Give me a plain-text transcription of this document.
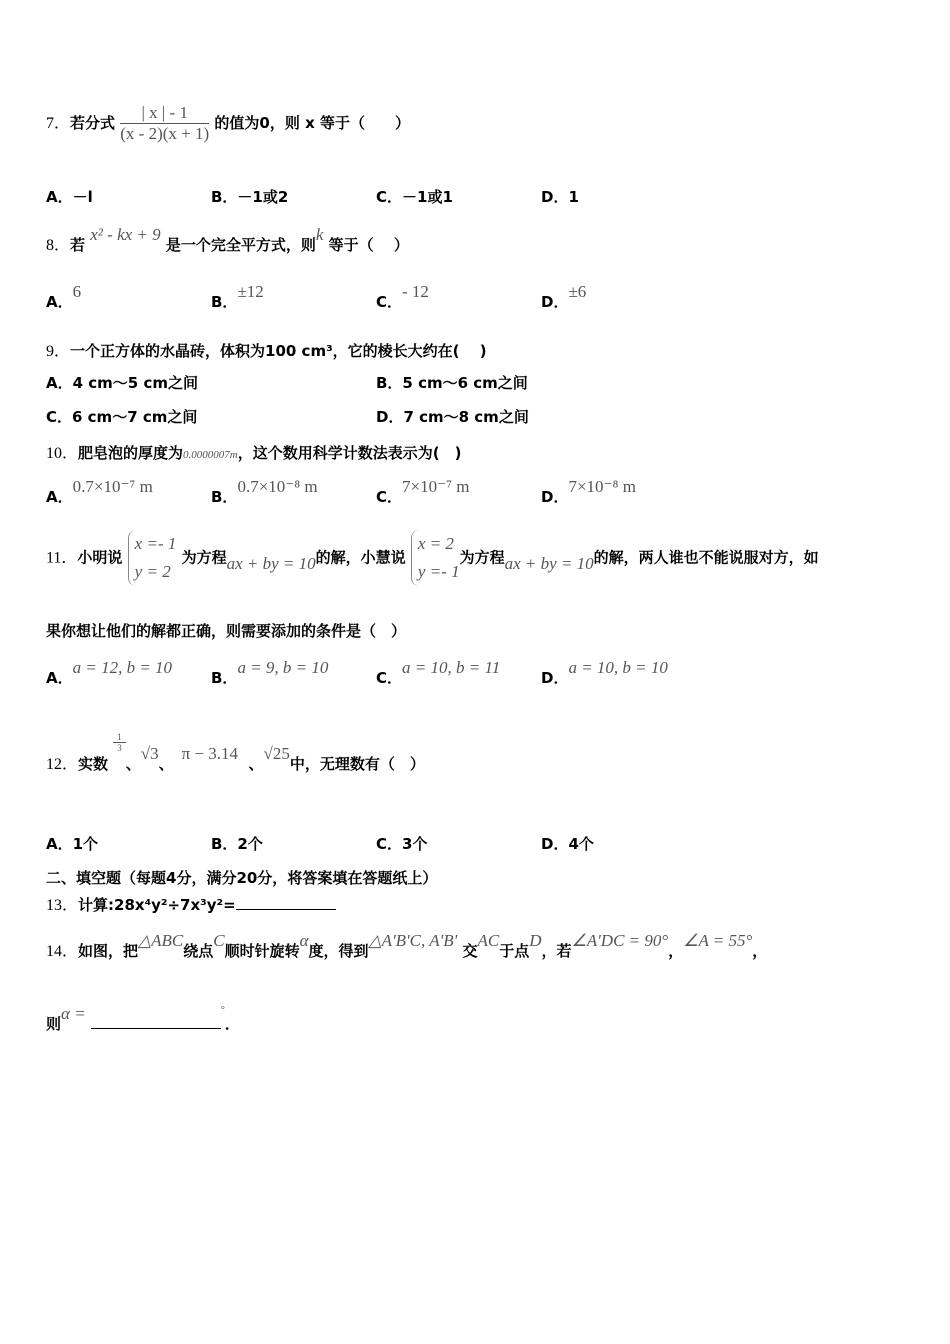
7．若分式 $\frac{| x | - 1}{(x - 2)(x + 1)}$ 的值为0，则 x 等于（　　）
A．－l	B．－1或2	C．－1或1	D．1
8．若 x² - kx + 9 是一个完全平方式，则k 等于（　 ）
A．6
B．±12
C．- 12
D．±6
9．一个正方体的水晶砖，体积为100 cm³，它的棱长大约在(　 )
A．4 cm～5 cm之间	B．5 cm～6 cm之间
C．6 cm～7 cm之间	D．7 cm～8 cm之间
10．肥皂泡的厚度为0.0000007m，这个数用科学计数法表示为(　)
A．0.7×10⁻⁷ m
B．0.7×10⁻⁸ m
C．7×10⁻⁷ m
D．7×10⁻⁸ m
11．小明说
x =- 1
y = 2
为方程ax + by = 10的解，小慧说
x = 2
y =- 1
为方程ax + by = 10的解，两人谁也不能说服对方，如
果你想让他们的解都正确，则需要添加的条件是（　）
A．a = 12, b = 10
B．a = 9, b = 10
C．a = 10, b = 11
D．a = 10, b = 10
12．实数
$\frac{1}{3}$
、√3、π − 3.14  、√25中，无理数有（　）
A．1个	B．2个	C．3个	D．4个
二、填空题（每题4分，满分20分，将答案填在答题纸上）
13．计算:28x⁴y²÷7x³y²=
14．如图，把△ABC绕点C顺时针旋转α度，得到△A'B'C, A'B' 交AC于点D，若∠A'DC = 90°，∠A = 55°，
则α =	°．
